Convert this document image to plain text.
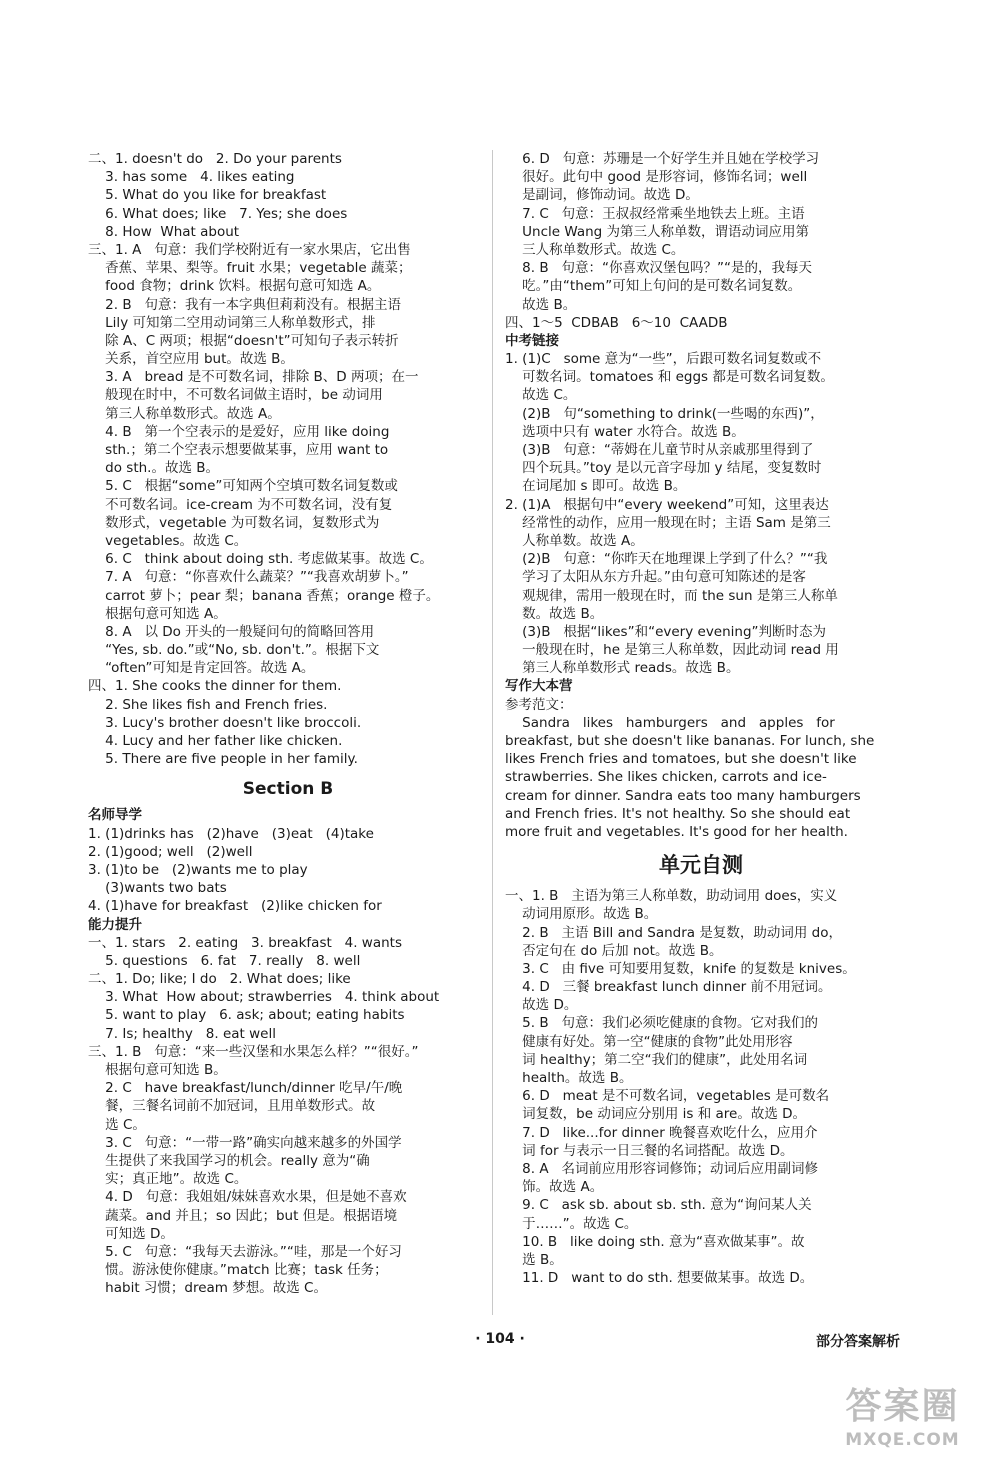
二、1. doesn't do   2. Do your parents
3. has some   4. likes eating
5. What do you like for breakfast
6. What does; like   7. Yes; she does
8. How  What about
三、1. A   句意：我们学校附近有一家水果店，它出售
香蕉、苹果、梨等。fruit 水果；vegetable 蔬菜；
food 食物；drink 饮料。根据句意可知选 A。
2. B   句意：我有一本字典但莉莉没有。根据主语
Lily 可知第二空用动词第三人称单数形式，排
除 A、C 两项；根据“doesn't”可知句子表示转折
关系，首空应用 but。故选 B。
3. A   bread 是不可数名词，排除 B、D 两项；在一
般现在时中，不可数名词做主语时，be 动词用
第三人称单数形式。故选 A。
4. B   第一个空表示的是爱好，应用 like doing
sth.；第二个空表示想要做某事，应用 want to
do sth.。故选 B。
5. C   根据“some”可知两个空填可数名词复数或
不可数名词。ice-cream 为不可数名词，没有复
数形式，vegetable 为可数名词，复数形式为
vegetables。故选 C。
6. C   think about doing sth. 考虑做某事。故选 C。
7. A   句意：“你喜欢什么蔬菜？”“我喜欢胡萝卜。”
carrot 萝卜；pear 梨；banana 香蕉；orange 橙子。
根据句意可知选 A。
8. A   以 Do 开头的一般疑问句的简略回答用
“Yes, sb. do.”或“No, sb. don't.”。根据下文
“often”可知是肯定回答。故选 A。
四、1. She cooks the dinner for them.
2. She likes fish and French fries.
3. Lucy's brother doesn't like broccoli.
4. Lucy and her father like chicken.
5. There are five people in her family.
Section B
名师导学
1. (1)drinks has   (2)have   (3)eat   (4)take
2. (1)good; well   (2)well
3. (1)to be   (2)wants me to play
(3)wants two bats
4. (1)have for breakfast   (2)like chicken for
能力提升
一、1. stars   2. eating   3. breakfast   4. wants
5. questions   6. fat   7. really   8. well
二、1. Do; like; I do   2. What does; like
3. What  How about; strawberries   4. think about
5. want to play   6. ask; about; eating habits
7. Is; healthy   8. eat well
三、1. B   句意：“来一些汉堡和水果怎么样？”“很好。”
根据句意可知选 B。
2. C   have breakfast/lunch/dinner 吃早/午/晚
餐，三餐名词前不加冠词，且用单数形式。故
选 C。
3. C   句意：“一带一路”确实向越来越多的外国学
生提供了来我国学习的机会。really 意为“确
实；真正地”。故选 C。
4. D   句意：我姐姐/妹妹喜欢水果，但是她不喜欢
蔬菜。and 并且；so 因此；but 但是。根据语境
可知选 D。
5. C   句意：“我每天去游泳。”“哇，那是一个好习
惯。游泳使你健康。”match 比赛；task 任务；
habit 习惯；dream 梦想。故选 C。
6. D   句意：苏珊是一个好学生并且她在学校学习
很好。此句中 good 是形容词，修饰名词；well
是副词，修饰动词。故选 D。
7. C   句意：王叔叔经常乘坐地铁去上班。主语
Uncle Wang 为第三人称单数，谓语动词应用第
三人称单数形式。故选 C。
8. B   句意：“你喜欢汉堡包吗？”“是的，我每天
吃。”由“them”可知上句问的是可数名词复数。
故选 B。
四、1～5  CDBAB   6～10  CAADB
中考链接
1. (1)C   some 意为“一些”，后跟可数名词复数或不
可数名词。tomatoes 和 eggs 都是可数名词复数。
故选 C。
(2)B   句“something to drink(一些喝的东西)”，
选项中只有 water 水符合。故选 B。
(3)B   句意：“蒂姆在儿童节时从亲戚那里得到了
四个玩具。”toy 是以元音字母加 y 结尾，变复数时
在词尾加 s 即可。故选 B。
2. (1)A   根据句中“every weekend”可知，这里表达
经常性的动作，应用一般现在时；主语 Sam 是第三
人称单数。故选 A。
(2)B   句意：“你昨天在地理课上学到了什么？”“我
学习了太阳从东方升起。”由句意可知陈述的是客
观规律，需用一般现在时，而 the sun 是第三人称单
数。故选 B。
(3)B   根据“likes”和“every evening”判断时态为
一般现在时，he 是第三人称单数，因此动词 read 用
第三人称单数形式 reads。故选 B。
写作大本营
参考范文：
Sandra   likes   hamburgers   and   apples   for
breakfast, but she doesn't like bananas. For lunch, she
likes French fries and tomatoes, but she doesn't like
strawberries. She likes chicken, carrots and ice-
cream for dinner. Sandra eats too many hamburgers
and French fries. It's not healthy. So she should eat
more fruit and vegetables. It's good for her health.
单元自测
一、1. B   主语为第三人称单数，助动词用 does，实义
动词用原形。故选 B。
2. B   主语 Bill and Sandra 是复数，助动词用 do，
否定句在 do 后加 not。故选 B。
3. C   由 five 可知要用复数，knife 的复数是 knives。
4. D   三餐 breakfast lunch dinner 前不用冠词。
故选 D。
5. B   句意：我们必须吃健康的食物。它对我们的
健康有好处。第一空“健康的食物”此处用形容
词 healthy；第二空“我们的健康”，此处用名词
health。故选 B。
6. D   meat 是不可数名词，vegetables 是可数名
词复数，be 动词应分别用 is 和 are。故选 D。
7. D   like...for dinner 晚餐喜欢吃什么，应用介
词 for 与表示一日三餐的名词搭配。故选 D。
8. A   名词前应用形容词修饰；动词后应用副词修
饰。故选 A。
9. C   ask sb. about sb. sth. 意为“询问某人关
于……”。故选 C。
10. B   like doing sth. 意为“喜欢做某事”。故
选 B。
11. D   want to do sth. 想要做某事。故选 D。
· 104 ·	部分答案解析
答案圈
MXQE.COM
